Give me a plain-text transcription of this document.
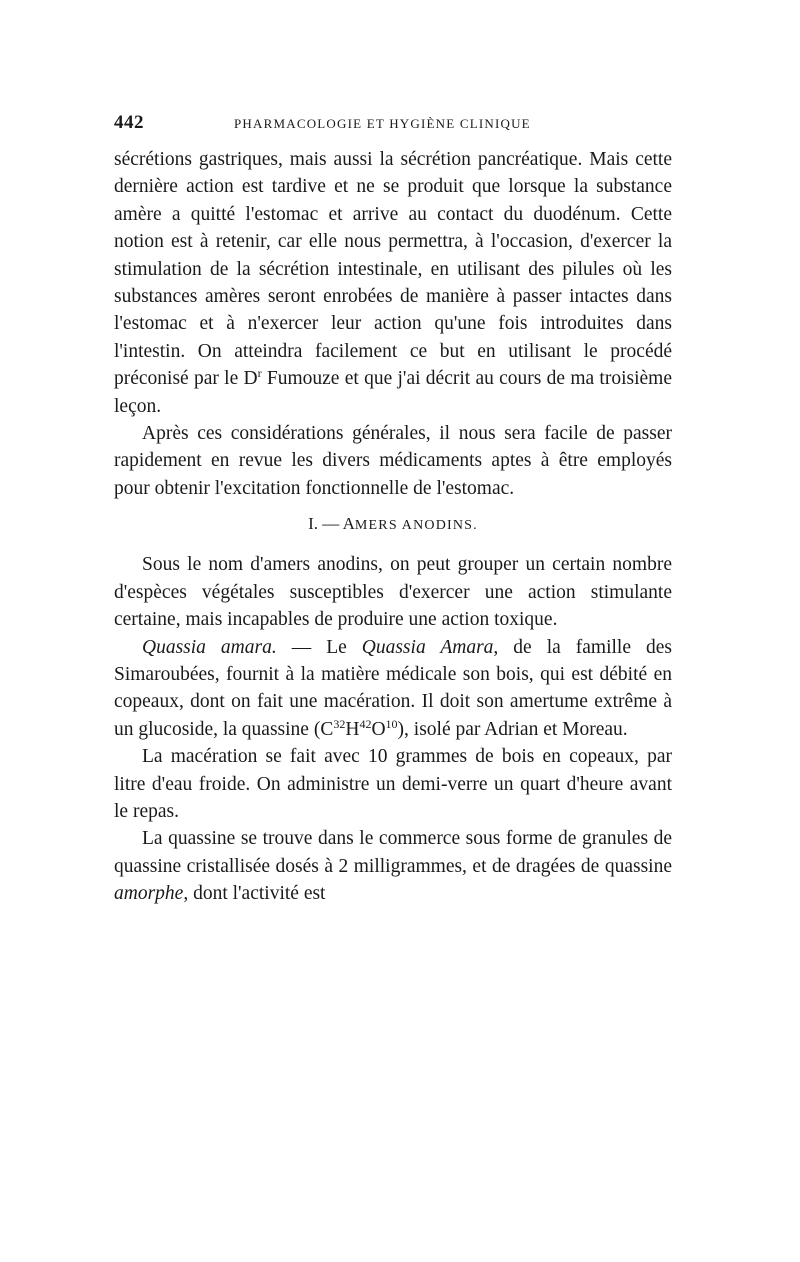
442	PHARMACOLOGIE ET HYGIÈNE CLINIQUE

sécrétions gastriques, mais aussi la sécrétion pancréatique. Mais cette dernière action est tardive et ne se produit que lorsque la substance amère a quitté l'estomac et arrive au contact du duodénum. Cette notion est à retenir, car elle nous permettra, à l'occasion, d'exercer la stimulation de la sécrétion intestinale, en utilisant des pilules où les substances amères seront enrobées de manière à passer intactes dans l'estomac et à n'exercer leur action qu'une fois introduites dans l'intestin. On atteindra facilement ce but en utilisant le procédé préconisé par le $D^r$ Fumouze et que j'ai décrit au cours de ma troisième leçon.

Après ces considérations générales, il nous sera facile de passer rapidement en revue les divers médicaments aptes à être employés pour obtenir l'excitation fonctionnelle de l'estomac.

I. — AMERS ANODINS.

Sous le nom d'amers anodins, on peut grouper un certain nombre d'espèces végétales susceptibles d'exercer une action stimulante certaine, mais incapables de produire une action toxique.

Quassia amara. — Le Quassia Amara, de la famille des Simaroubées, fournit à la matière médicale son bois, qui est débité en copeaux, dont on fait une macération. Il doit son amertume extrême à un glucoside, la quassine $(C^{32}H^{42}O^{10})$, isolé par Adrian et Moreau.

La macération se fait avec 10 grammes de bois en copeaux, par litre d'eau froide. On administre un demi-verre un quart d'heure avant le repas.

La quassine se trouve dans le commerce sous forme de granules de quassine cristallisée dosés à 2 milligrammes, et de dragées de quassine amorphe, dont l'activité est
